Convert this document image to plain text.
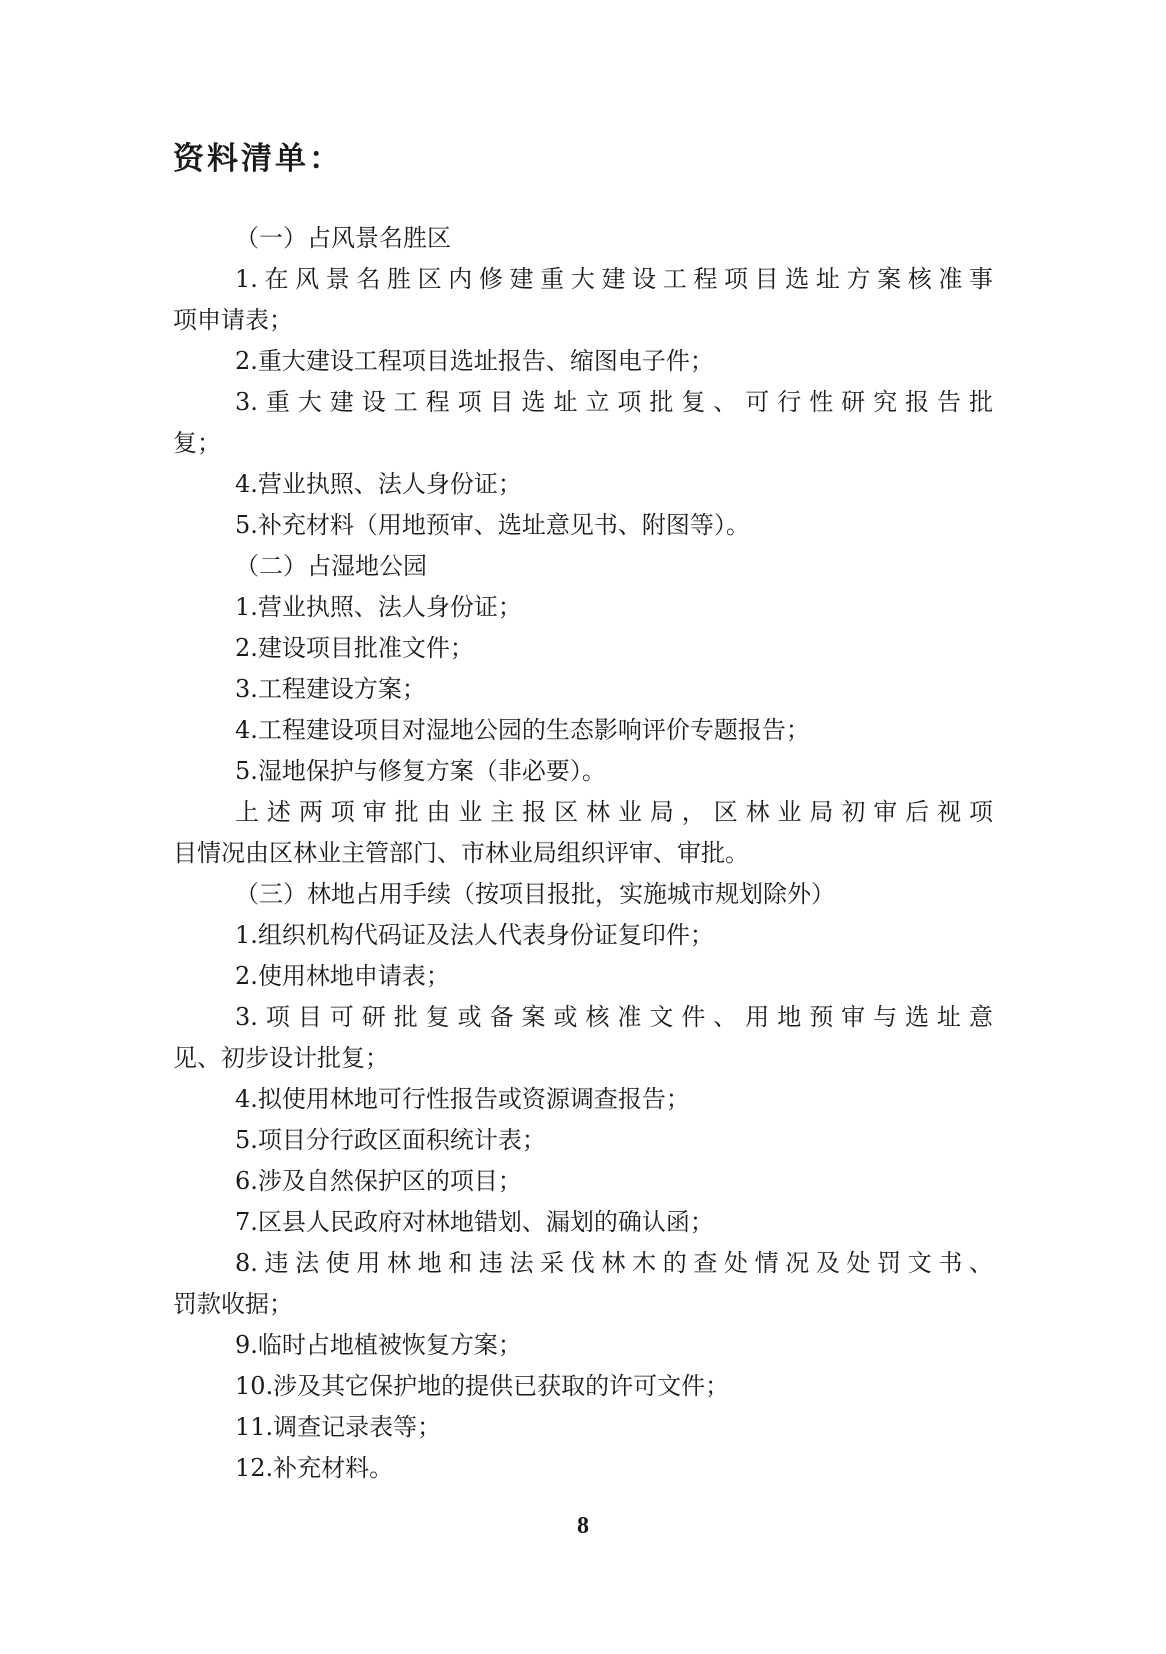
资料清单：
（一）占风景名胜区
1.在风景名胜区内修建重大建设工程项目选址方案核准事
项申请表；
2.重大建设工程项目选址报告、缩图电子件；
3.重大建设工程项目选址立项批复、可行性研究报告批
复；
4.营业执照、法人身份证；
5.补充材料（用地预审、选址意见书、附图等）。
（二）占湿地公园
1.营业执照、法人身份证；
2.建设项目批准文件；
3.工程建设方案；
4.工程建设项目对湿地公园的生态影响评价专题报告；
5.湿地保护与修复方案（非必要）。
上述两项审批由业主报区林业局，区林业局初审后视项
目情况由区林业主管部门、市林业局组织评审、审批。
（三）林地占用手续（按项目报批，实施城市规划除外）
1.组织机构代码证及法人代表身份证复印件；
2.使用林地申请表；
3.项目可研批复或备案或核准文件、用地预审与选址意
见、初步设计批复；
4.拟使用林地可行性报告或资源调查报告；
5.项目分行政区面积统计表；
6.涉及自然保护区的项目；
7.区县人民政府对林地错划、漏划的确认函；
8.违法使用林地和违法采伐林木的查处情况及处罚文书、
罚款收据；
9.临时占地植被恢复方案；
10.涉及其它保护地的提供已获取的许可文件；
11.调查记录表等；
12.补充材料。
8
